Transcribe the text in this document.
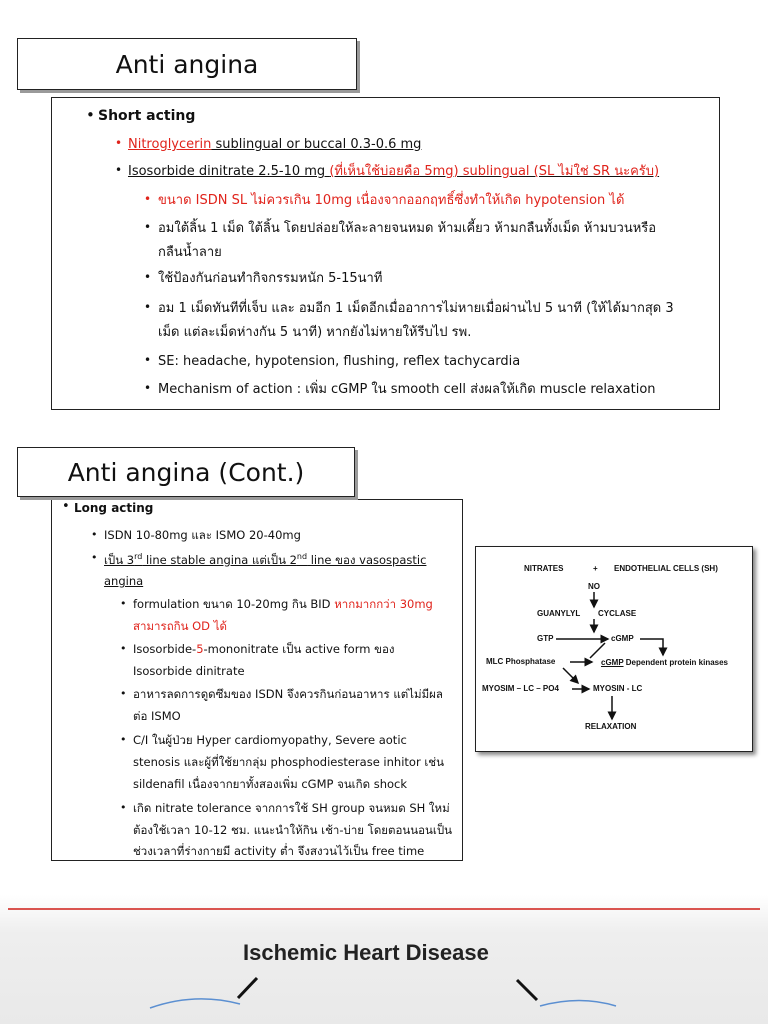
Anti angina
• Short acting
• Nitroglycerin sublingual or buccal 0.3-0.6 mg
• Isosorbide dinitrate 2.5-10 mg (ที่เห็นใช้บ่อยคือ 5mg) sublingual (SL ไม่ใช่ SR นะครับ)
• ขนาด ISDN SL ไม่ควรเกิน 10mg เนื่องจากออกฤทธิ์ซึ่งทำให้เกิด hypotension ได้
• อมใต้ลิ้น 1 เม็ด ใต้ลิ้น โดยปล่อยให้ละลายจนหมด ห้ามเคี้ยว ห้ามกลืนทั้งเม็ด ห้ามบวนหรือ
กลืนน้ำลาย
• ใช้ป้องกันก่อนทำกิจกรรมหนัก 5-15นาที
• อม 1 เม็ดทันทีที่เจ็บ และ อมอีก 1 เม็ดอีกเมื่ออาการไม่หายเมื่อผ่านไป 5 นาที (ให้ได้มากสุด 3
เม็ด แต่ละเม็ดห่างกัน 5 นาที) หากยังไม่หายให้รีบไป รพ.
• SE: headache, hypotension, flushing, reflex tachycardia
• Mechanism of action : เพิ่ม cGMP ใน smooth cell ส่งผลให้เกิด muscle relaxation
Anti angina (Cont.)
• Long acting
• ISDN 10-80mg และ ISMO 20-40mg
• เป็น 3rd line stable angina แต่เป็น 2nd line ของ vasospastic
angina
• formulation ขนาด 10-20mg กิน BID หากมากกว่า 30mg
สามารถกิน OD ได้
• Isosorbide-5-mononitrate เป็น active form ของ
Isosorbide dinitrate
• อาหารลดการดูดซึมของ ISDN จึงควรกินก่อนอาหาร แต่ไม่มีผล
ต่อ ISMO
• C/I ในผู้ป่วย Hyper cardiomyopathy, Severe aotic
stenosis และผู้ที่ใช้ยากลุ่ม phosphodiesterase inhitor เช่น
sildenafil เนื่องจากยาทั้งสองเพิ่ม cGMP จนเกิด shock
• เกิด nitrate tolerance จากการใช้ SH group จนหมด SH ใหม่
ต้องใช้เวลา 10-12 ชม. แนะนำให้กิน เช้า-บ่าย โดยตอนนอนเป็น
ช่วงเวลาที่ร่างกายมี activity ต่ำ จึงสงวนไว้เป็น free time
NITRATES	+ ENDOTHELIAL CELLS (SH)
NO
GUANYLYL CYCLASE
GTP	cGMP
MLC Phosphatase	cGMP Dependent protein kinases
MYOSIM – LC – PO4	MYOSIN - LC
RELAXATION
Ischemic Heart Disease
